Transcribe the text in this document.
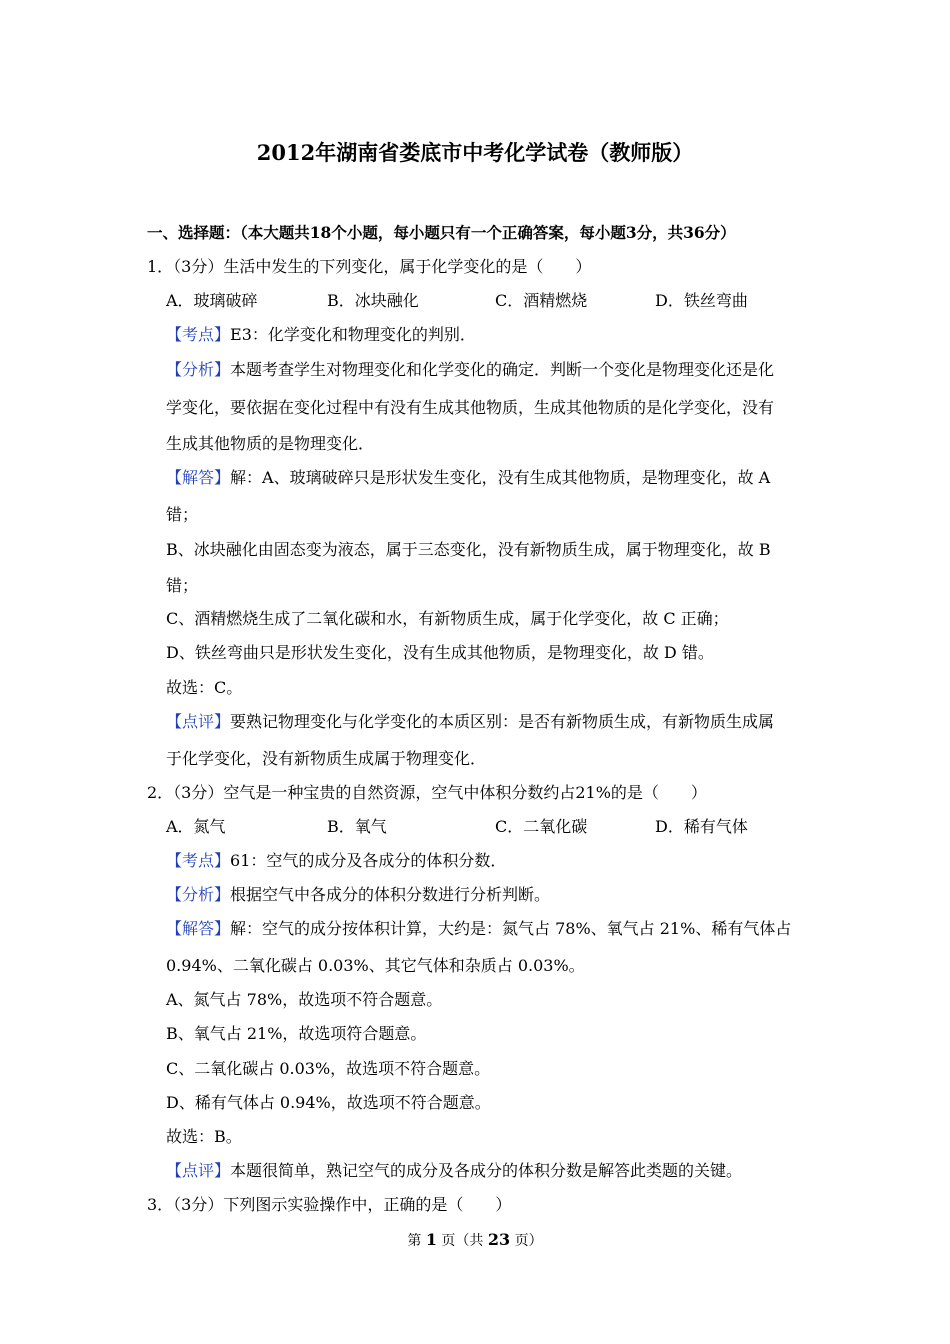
2012年湖南省娄底市中考化学试卷（教师版）
一、选择题：（本大题共18个小题，每小题只有一个正确答案，每小题3分，共36分）
1．（3分）生活中发生的下列变化，属于化学变化的是（　　）
A．玻璃破碎	B．冰块融化	C．酒精燃烧	D．铁丝弯曲
【考点】E3：化学变化和物理变化的判别．
【分析】本题考查学生对物理变化和化学变化的确定．判断一个变化是物理变化还是化
学变化，要依据在变化过程中有没有生成其他物质，生成其他物质的是化学变化，没有
生成其他物质的是物理变化．
【解答】解：A、玻璃破碎只是形状发生变化，没有生成其他物质，是物理变化，故 A
错；
B、冰块融化由固态变为液态，属于三态变化，没有新物质生成，属于物理变化，故 B
错；
C、酒精燃烧生成了二氧化碳和水，有新物质生成，属于化学变化，故 C 正确；
D、铁丝弯曲只是形状发生变化，没有生成其他物质，是物理变化，故 D 错。
故选：C。
【点评】要熟记物理变化与化学变化的本质区别：是否有新物质生成，有新物质生成属
于化学变化，没有新物质生成属于物理变化．
2．（3分）空气是一种宝贵的自然资源，空气中体积分数约占21%的是（　　）
A．氮气	B．氧气	C．二氧化碳	D．稀有气体
【考点】61：空气的成分及各成分的体积分数．
【分析】根据空气中各成分的体积分数进行分析判断。
【解答】解：空气的成分按体积计算，大约是：氮气占 78%、氧气占 21%、稀有气体占
0.94%、二氧化碳占 0.03%、其它气体和杂质占 0.03%。
A、氮气占 78%，故选项不符合题意。
B、氧气占 21%，故选项符合题意。
C、二氧化碳占 0.03%，故选项不符合题意。
D、稀有气体占 0.94%，故选项不符合题意。
故选：B。
【点评】本题很简单，熟记空气的成分及各成分的体积分数是解答此类题的关键。
3．（3分）下列图示实验操作中，正确的是（　　）
第 1 页（共 23 页）
